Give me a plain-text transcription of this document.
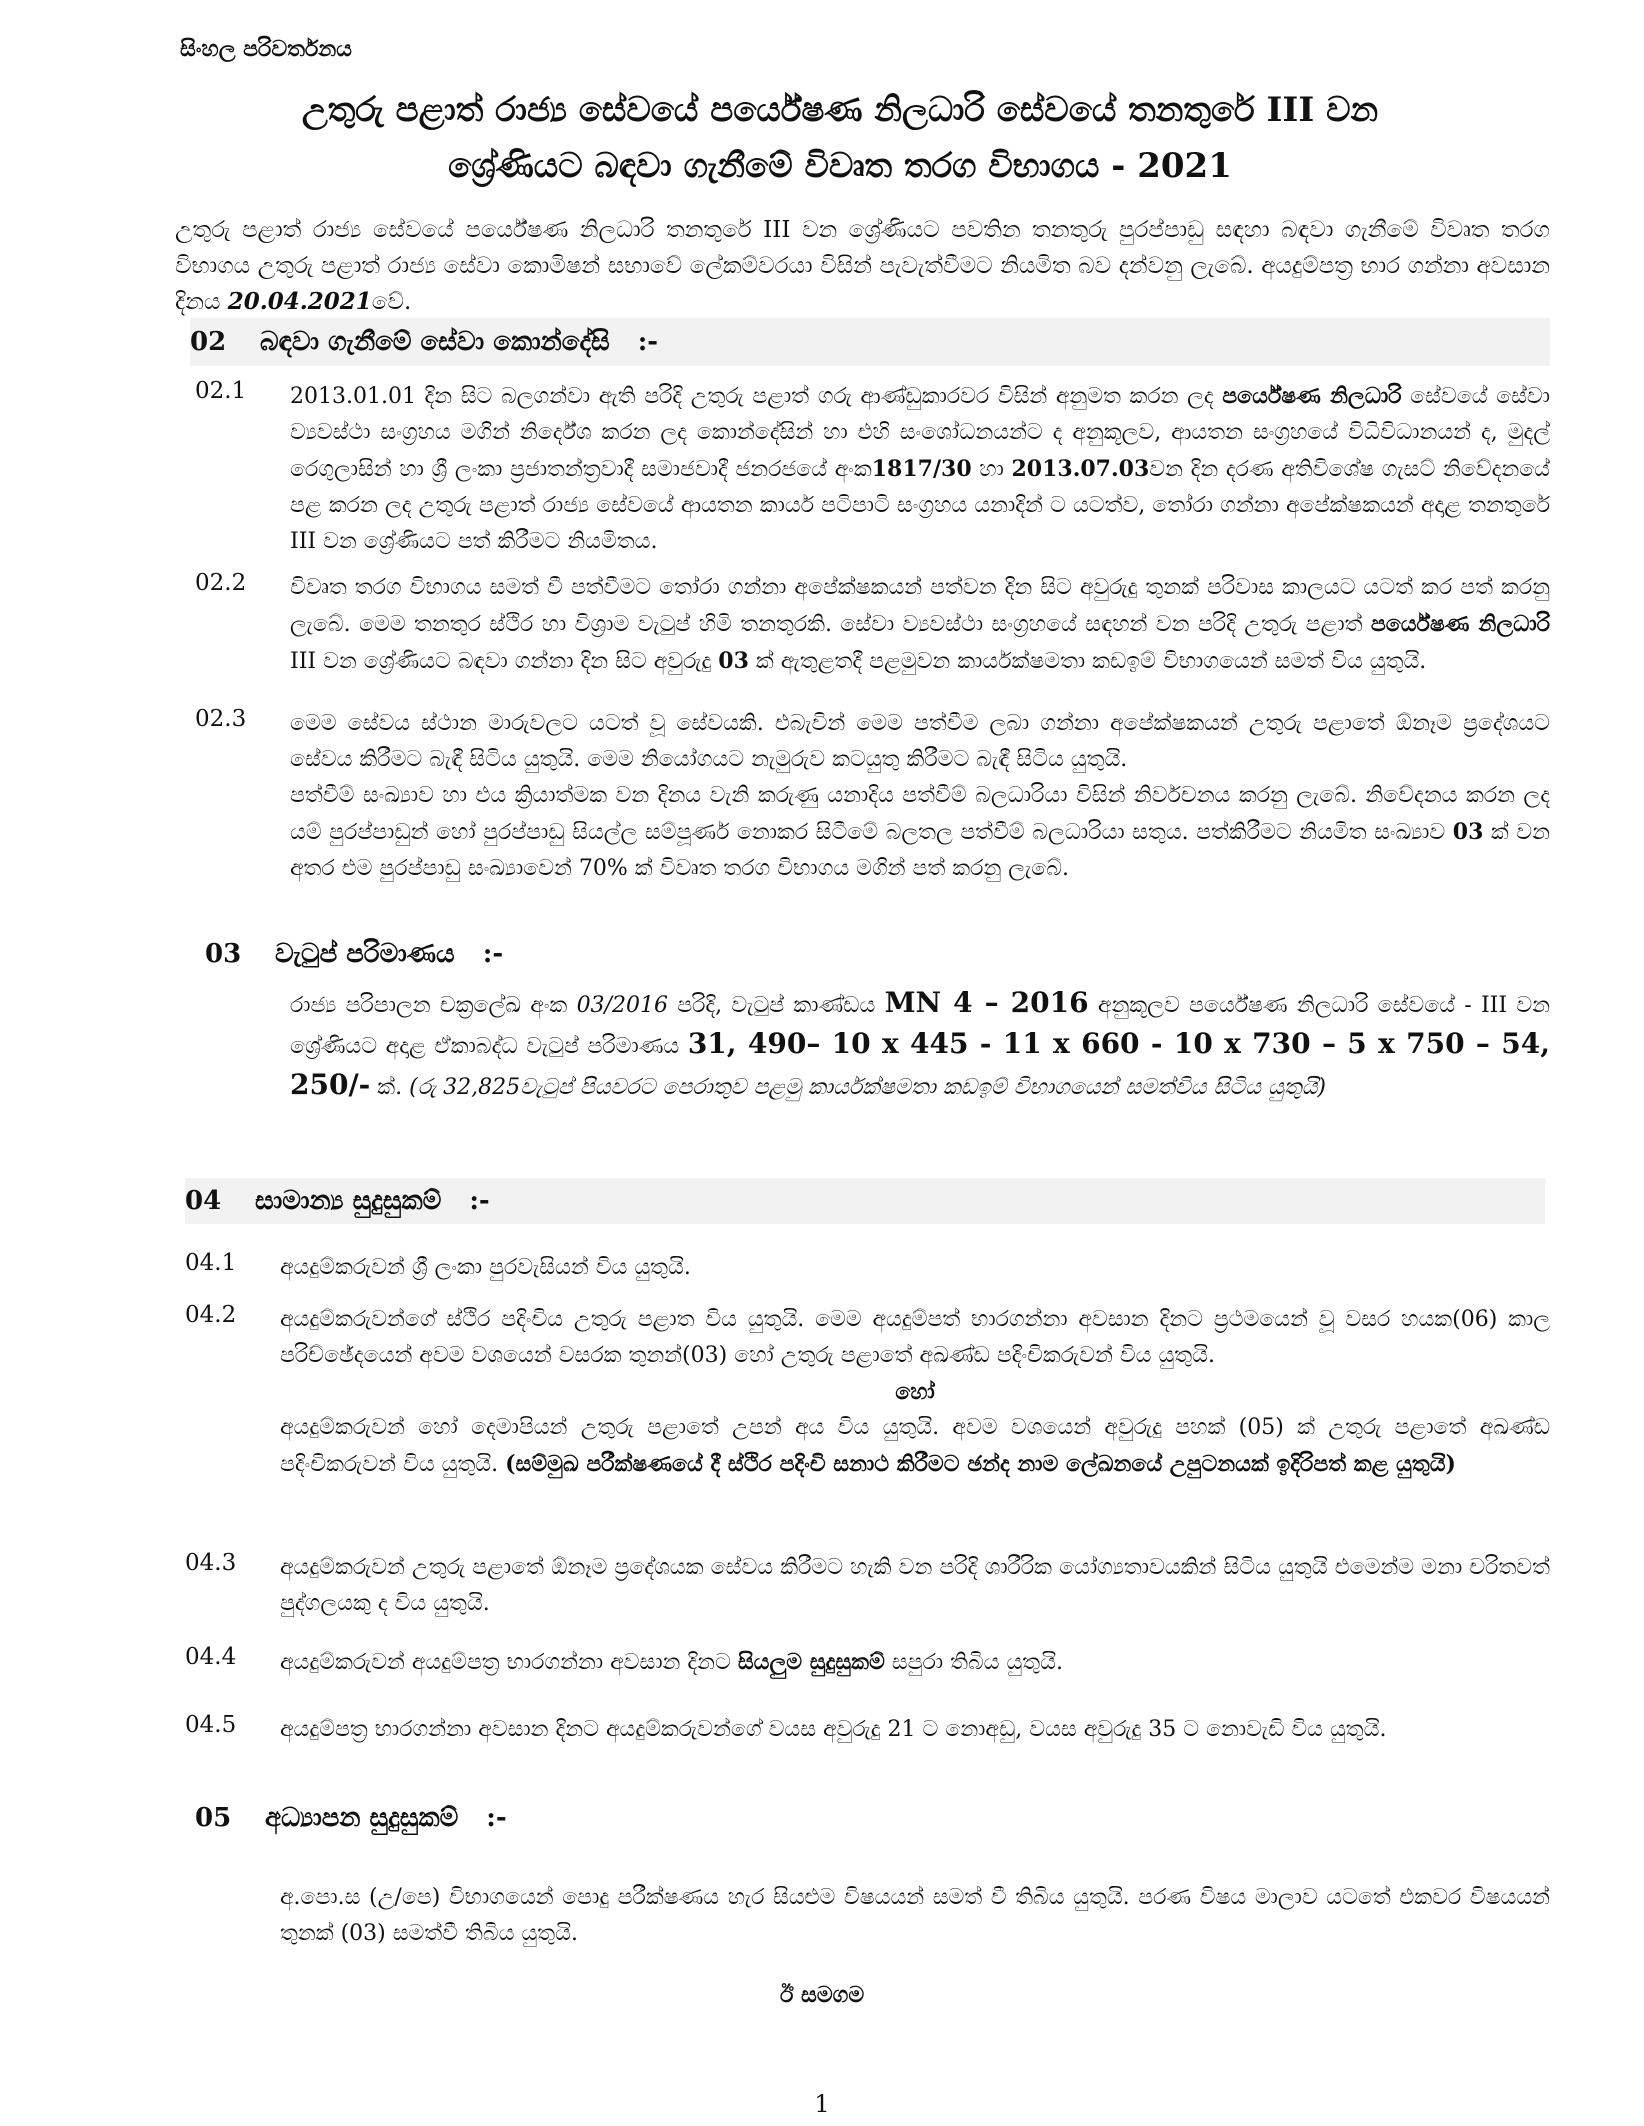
සිංහල පරිවර්තනය
උතුරු පළාත් රාජ්‍ය සේවයේ පර්යේෂණ නිලධාරි සේවයේ තනතුරේ III වන
ශ්‍රේණියට බඳවා ගැනීමේ විවෘත තරග විභාගය - 2021
උතුරු පළාත් රාජ්‍ය සේවයේ පර්යේෂණ නිලධාරි තනතුරේ III වන ශ්‍රේණියට පවතින තනතුරු පුරප්පාඩු සඳහා බඳවා ගැනීමේ විවෘත තරග විභාගය උතුරු පළාත් රාජ්‍ය සේවා කොමිෂන් සභාවේ ලේකම්වරයා විසින් පැවැත්වීමට නියමිත බව දන්වනු ලැබේ. අයදුම්පත්‍ර භාර ගන්නා අවසාන දිනය 20.04.2021වේ.
02	බඳවා ගැනීමේ සේවා කොන්දේසි :-
02.1	2013.01.01 දින සිට බලගන්වා ඇති පරිදි උතුරු පළාත් ගරු ආණ්ඩුකාරවර විසින් අනුමත කරන ලද පර්යේෂණ නිලධාරි සේවයේ සේවා ව්‍යවස්ථා සංග්‍රහය මගින් නිර්දේශ කරන ලද කොන්දේසින් හා එහි සංශෝධනයන්ට ද අනුකූලව, ආයතන සංග්‍රහයේ විධිවිධානයන් ද, මුදල් රෙගුලාසින් හා ශ්‍රී ලංකා ප්‍රජාතන්ත්‍රවාදී සමාජවාදී ජනරජයේ අංක1817/30 හා 2013.07.03වන දින දරණ අතිවිශේෂ ගැසට් නිවේදනයේ පළ කරන ලද උතුරු පළාත් රාජ්‍ය සේවයේ ආයතන කාර්ය පටිපාටි සංග්‍රහය යනාදින් ට යටත්ව, තෝරා ගන්නා අපේක්ෂකයන් අදාළ තනතුරේ III වන ශ්‍රේණියට පත් කිරීමට නියමිතය.
02.2	විවෘත තරග විභාගය සමත් වී පත්වීමට තෝරා ගන්නා අපේක්ෂකයන් පත්වන දින සිට අවුරුදු තුනක් පරිවාස කාලයට යටත් කර පත් කරනු ලැබේ. මෙම තනතුර ස්ථිර හා විශ්‍රාම වැටුප් හිමි තනතුරකි. සේවා ව්‍යවස්ථා සංග්‍රහයේ සඳහන් වන පරිදි උතුරු පළාත් පර්යේෂණ නිලධාරි III වන ශ්‍රේණියට බඳවා ගන්නා දින සිට අවුරුදු 03 ක් ඇතුළතදී පළමුවන කාර්යක්ෂමතා කඩඉම් විභාගයෙන් සමත් විය යුතුයි.
02.3	මෙම සේවය ස්ථාන මාරුවලට යටත් වූ සේවයකි. එබැවින් මෙම පත්වීම ලබා ගන්නා අපේක්ෂකයන් උතුරු පළාතේ ඕනෑම ප්‍රදේශයට සේවය කිරීමට බැඳී සිටිය යුතුයි. මෙම නියෝගයට නැමුරුව කටයුතු කිරීමට බැඳී සිටිය යුතුයි.
පත්වීම් සංඛ්‍යාව හා එය ක්‍රියාත්මක වන දිනය වැනි කරුණු යනාදිය පත්වීම් බලධාරියා විසින් නිර්වචනය කරනු ලැබේ. නිවේදනය කරන ලද යම් පුරප්පාඩුන් හෝ පුරප්පාඩු සියල්ල සම්පූර්ණ නොකර සිටීමේ බලතල පත්වීම් බලධාරියා සතුය. පත්කිරීමට නියමිත සංඛ්‍යාව 03 ක් වන අතර එම පුරප්පාඩු සංඛ්‍යාවෙන් 70% ක් විවෘත තරග විභාගය මගින් පත් කරනු ලැබේ.
03	වැටුප් පරිමාණය :-
රාජ්‍ය පරිපාලන චක්‍රලේඛ අංක 03/2016 පරිදි, වැටුප් කාණ්ඩය MN 4 – 2016 අනුකූලව පර්යේෂණ නිලධාරි සේවයේ - III වන ශ්‍රේණියට අදාළ ඒකාබද්ධ වැටුප් පරිමාණය 31, 490– 10 x 445 - 11 x 660 - 10 x 730 – 5 x 750 – 54, 250/- ක්. (රු 32,825වැටුප් පියවරට පෙරාතුව පළමු කාර්යක්ෂමතා කඩඉම් විභාගයෙන් සමත්විය සිටිය යුතුයි)
04	සාමාන්‍ය සුදුසුකම් :-
04.1	අයදුම්කරුවන් ශ්‍රී ලංකා පුරවැසියන් විය යුතුයි.
04.2	අයදුම්කරුවන්ගේ ස්ථිර පදිංචිය උතුරු පළාත විය යුතුයි. මෙම අයදුම්පත් භාරගන්නා අවසාන දිනට ප්‍රථමයෙන් වූ වසර හයක(06) කාල පරිච්ඡේදයෙන් අවම වශයෙන් වසරක තුනන්(03) හෝ උතුරු පළාතේ අඛණ්ඩ පදිංචිකරුවන් විය යුතුයි.
හෝ
අයදුම්කරුවන් හෝ දෙමාපියන් උතුරු පළාතේ උපන් අය විය යුතුයි. අවම වශයෙන් අවුරුදු පහක් (05) ක් උතුරු පළාතේ අඛණ්ඩ පදිංචිකරුවන් විය යුතුයි. (සම්මුඛ පරීක්ෂණයේ දී ස්ථිර පදිංචි සනාථ කිරීමට ඡන්ද නාම ලේඛනයේ උපුටනයක් ඉදිරිපත් කළ යුතුයි)
04.3	අයදුම්කරුවන් උතුරු පළාතේ ඕනෑම ප්‍රදේශයක සේවය කිරීමට හැකි වන පරිදි ශාරීරික යෝග්‍යතාවයකින් සිටිය යුතුයි එමෙන්ම මනා චරිතවත් පුද්ගලයකු ද විය යුතුයි.
04.4	අයදුම්කරුවන් අයදුම්පත්‍ර භාරගන්නා අවසාන දිනට සියලුම සුදුසුකම් සපුරා තිබිය යුතුයි.
04.5	අයදුම්පත්‍ර භාරගන්නා අවසාන දිනට අයදුම්කරුවන්ගේ වයස අවුරුදු 21 ට නොඅඩු, වයස අවුරුදු 35 ට නොවැඩි විය යුතුයි.
05	අධ්‍යාපන සුදුසුකම් :-
අ.පො.ස (උ/පෙ) විභාගයෙන් පොදු පරීක්ෂණය හැර සියළුම විෂයයන් සමත් වී තිබිය යුතුයි. පරණ විෂය මාලාව යටතේ එකවර විෂයයන් තුනක් (03) සමත්වී තිබිය යුතුයි.
ඊ සමගම
1
